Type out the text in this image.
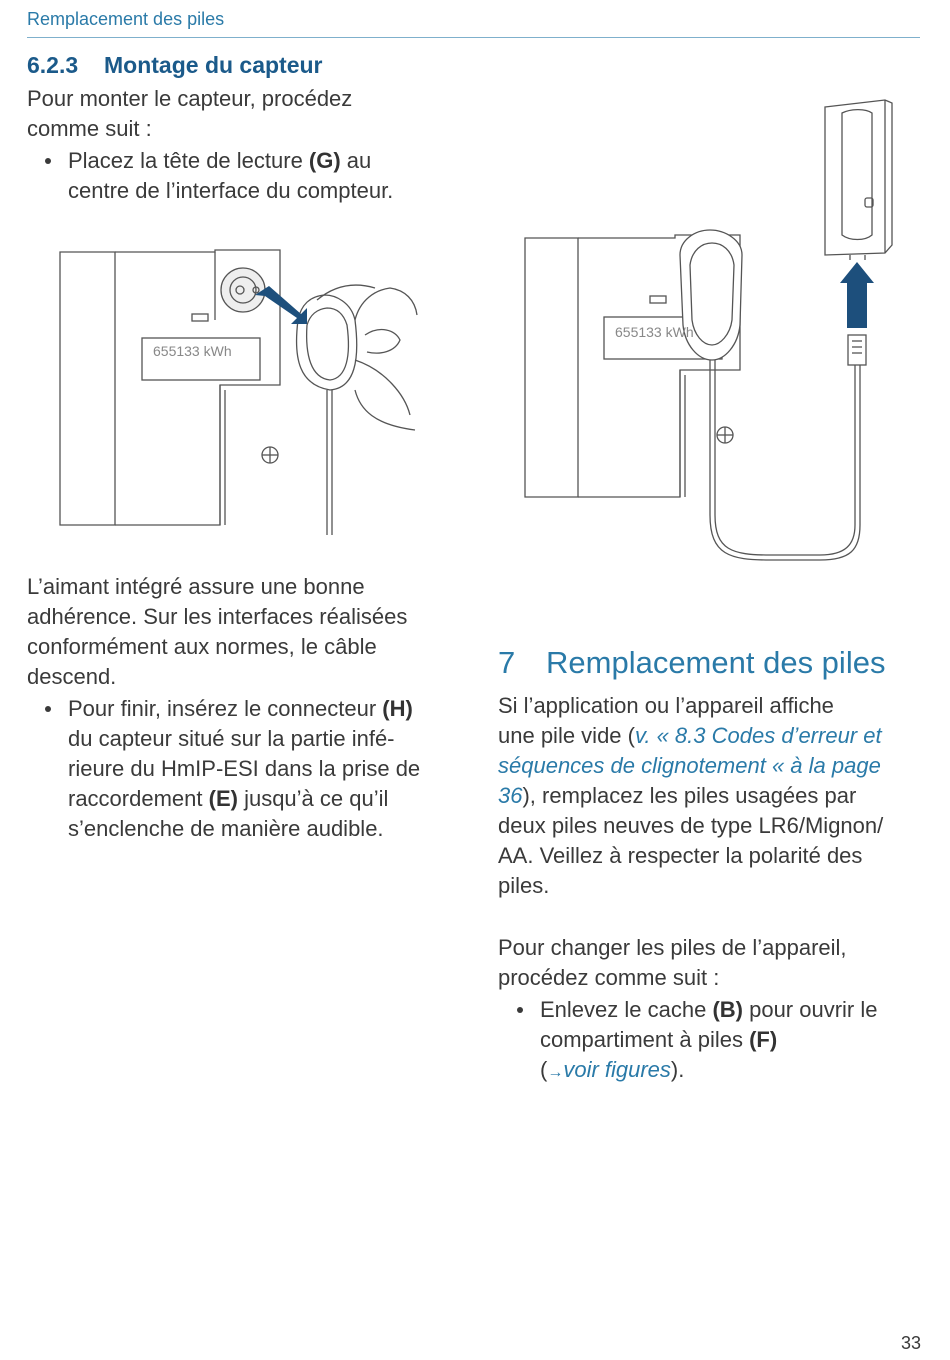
Remplacement des piles
6.2.3 Montage du capteur
Pour monter le capteur, procédez
comme suit :
Placez la tête de lecture (G) au
centre de l’interface du compteur.
655133 kWh
655133 kWh
L’aimant intégré assure une bonne
adhérence. Sur les interfaces réalisées
conformément aux normes, le câble
descend.
Pour finir, insérez le connecteur (H)
du capteur situé sur la partie infé-
rieure du HmIP-ESI dans la prise de
raccordement (E) jusqu’à ce qu’il
s’enclenche de manière audible.
7 Remplacement des piles
Si l’application ou l’appareil affiche
une pile vide (v. « 8.3 Codes d’erreur et
séquences de clignotement « à la page
36), remplacez les piles usagées par
deux piles neuves de type LR6/Mignon/
AA. Veillez à respecter la polarité des
piles.
Pour changer les piles de l’appareil,
procédez comme suit :
Enlevez le cache (B) pour ouvrir le
compartiment à piles (F)
(→voir figures).
33
